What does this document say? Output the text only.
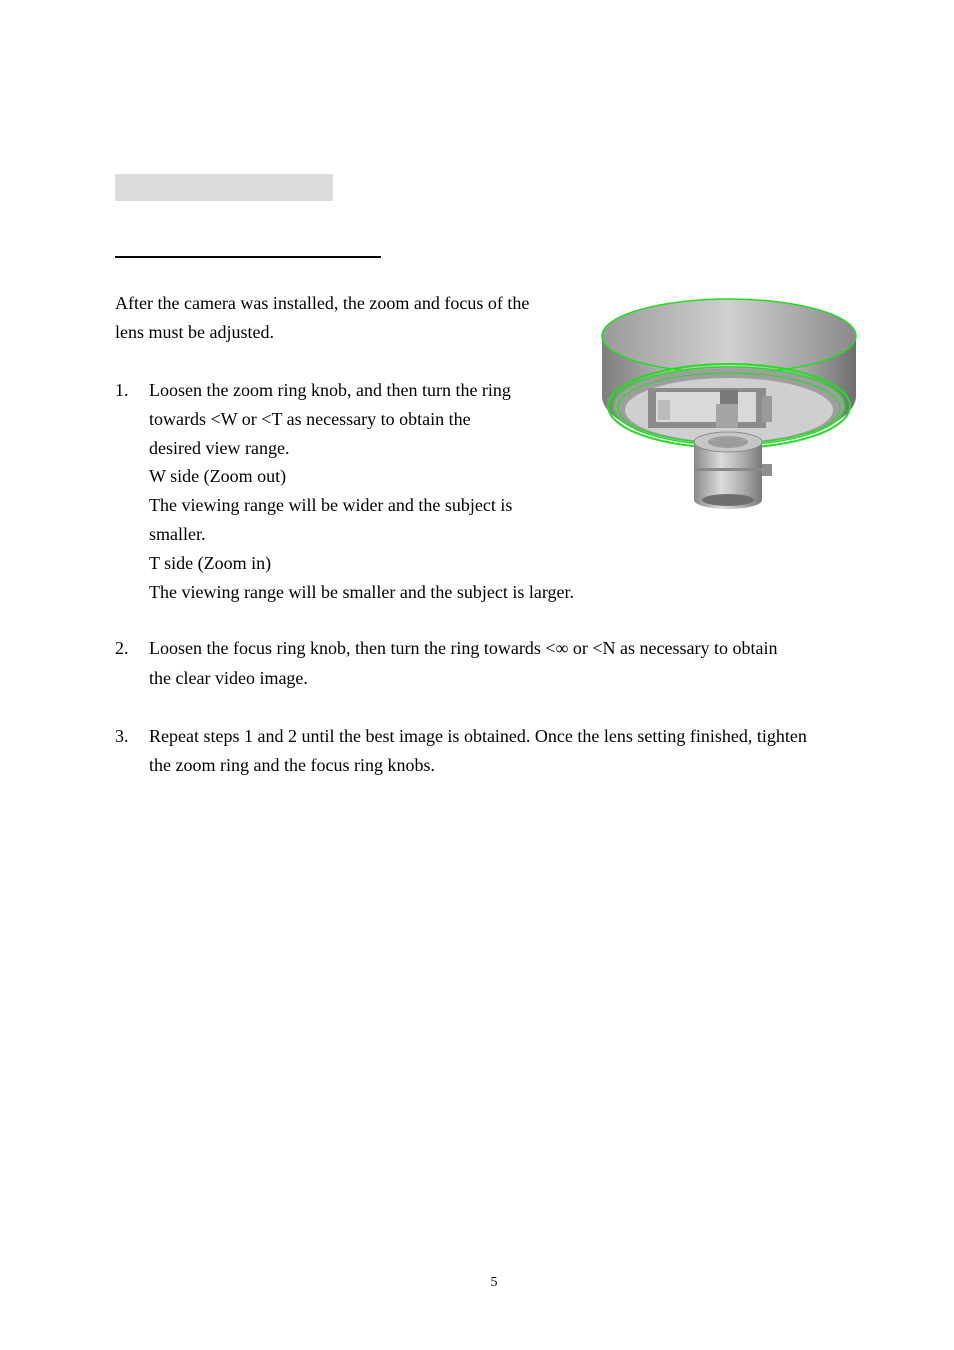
After the camera was installed, the zoom and focus of the
lens must be adjusted.
1. Loosen the zoom ring knob, and then turn the ring
towards <W or <T as necessary to obtain the
desired view range.
W side (Zoom out)
The viewing range will be wider and the subject is
smaller.
T side (Zoom in)
The viewing range will be smaller and the subject is larger.
2. Loosen the focus ring knob, then turn the ring towards <∞ or <N as necessary to obtain
the clear video image.
3. Repeat steps 1 and 2 until the best image is obtained. Once the lens setting finished, tighten
the zoom ring and the focus ring knobs.
5
